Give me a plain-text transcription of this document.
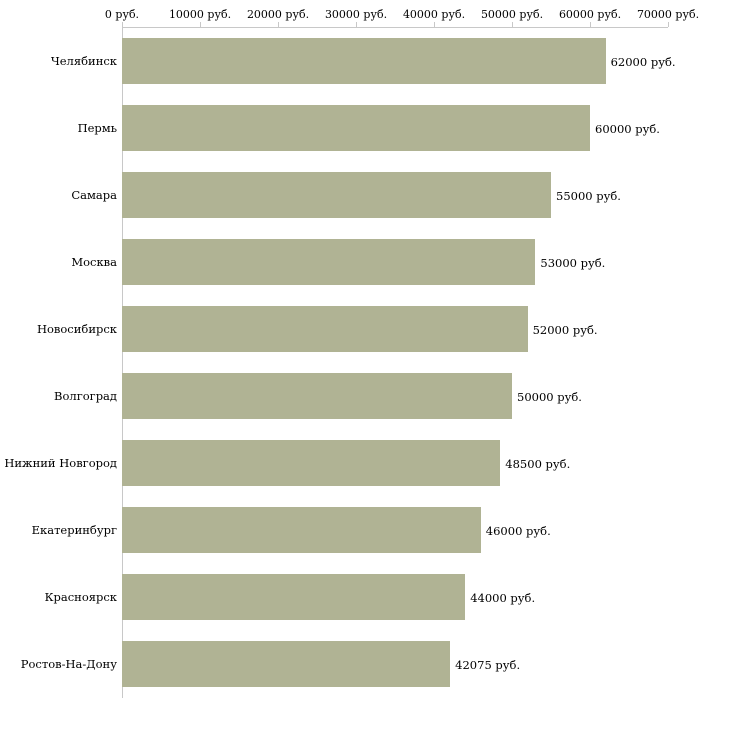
0 руб.	10000 руб. 20000 руб. 30000 руб. 40000 руб. 50000 руб. 60000 руб. 70000 руб.
Челябинск	62000 руб.
Пермь	60000 руб.
Самара	55000 руб.
Москва	53000 руб.
Новосибирск	52000 руб.
Волгоград	50000 руб.
Нижний Новгород	48500 руб.
Екатеринбург	46000 руб.
Красноярск	44000 руб.
Ростов-На-Дону	42075 руб.
